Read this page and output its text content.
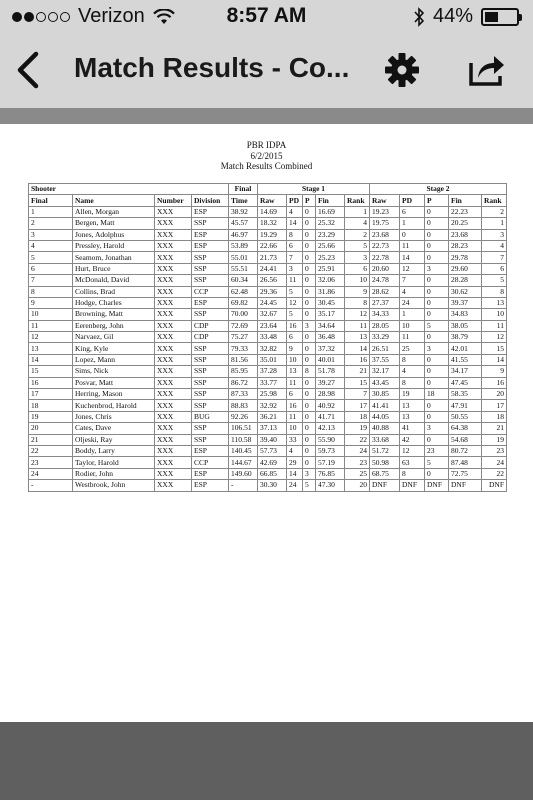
Verizon	8:57 AM	44%
Match Results - Co...
PBR IDPA
6/2/2015
Match Results Combined
Shooter				Final	Stage 1					Stage 2				
Final	Name	Number	Division	Time	Raw	PD	P	Fin	Rank	Raw	PD	P	Fin	Rank
1	Allen, Morgan	XXX	ESP	38.92	14.69	4	0	16.69	1	19.23	6	0	22.23	2
2	Bergen, Matt	XXX	SSP	45.57	18.32	14	0	25.32	4	19.75	1	0	20.25	1
3	Jones, Adolphus	XXX	ESP	46.97	19.29	8	0	23.29	2	23.68	0	0	23.68	3
4	Pressley, Harold	XXX	ESP	53.89	22.66	6	0	25.66	5	22.73	11	0	28.23	4
5	Seamom, Jonathan	XXX	SSP	55.01	21.73	7	0	25.23	3	22.78	14	0	29.78	7
6	Hurt, Bruce	XXX	SSP	55.51	24.41	3	0	25.91	6	20.60	12	3	29.60	6
7	McDonald, David	XXX	SSP	60.34	26.56	11	0	32.06	10	24.78	7	0	28.28	5
8	Collins, Brad	XXX	CCP	62.48	29.36	5	0	31.86	9	28.62	4	0	30.62	8
9	Hodge, Charles	XXX	ESP	69.82	24.45	12	0	30.45	8	27.37	24	0	39.37	13
10	Browning, Matt	XXX	SSP	70.00	32.67	5	0	35.17	12	34.33	1	0	34.83	10
11	Eerenberg, John	XXX	CDP	72.69	23.64	16	3	34.64	11	28.05	10	5	38.05	11
12	Narvaez, Gil	XXX	CDP	75.27	33.48	6	0	36.48	13	33.29	11	0	38.79	12
13	King, Kyle	XXX	SSP	79.33	32.82	9	0	37.32	14	26.51	25	3	42.01	15
14	Lopez, Mann	XXX	SSP	81.56	35.01	10	0	40.01	16	37.55	8	0	41.55	14
15	Sims, Nick	XXX	SSP	85.95	37.28	13	8	51.78	21	32.17	4	0	34.17	9
16	Posvar, Matt	XXX	SSP	86.72	33.77	11	0	39.27	15	43.45	8	0	47.45	16
17	Herring, Mason	XXX	SSP	87.33	25.98	6	0	28.98	7	30.85	19	18	58.35	20
18	Kuchenbrod, Harold	XXX	SSP	88.83	32.92	16	0	40.92	17	41.41	13	0	47.91	17
19	Jones, Chris	XXX	BUG	92.26	36.21	11	0	41.71	18	44.05	13	0	50.55	18
20	Cates, Dave	XXX	SSP	106.51	37.13	10	0	42.13	19	40.88	41	3	64.38	21
21	Oljeski, Ray	XXX	SSP	110.58	39.40	33	0	55.90	22	33.68	42	0	54.68	19
22	Boddy, Larry	XXX	ESP	140.45	57.73	4	0	59.73	24	51.72	12	23	80.72	23
23	Taylor, Harold	XXX	CCP	144.67	42.69	29	0	57.19	23	50.98	63	5	87.48	24
24	Rodier, John	XXX	ESP	149.60	66.85	14	3	76.85	25	68.75	8	0	72.75	22
-	Westbrook, John	XXX	ESP	-	30.30	24	5	47.30	20	DNF	DNF	DNF	DNF	DNF
